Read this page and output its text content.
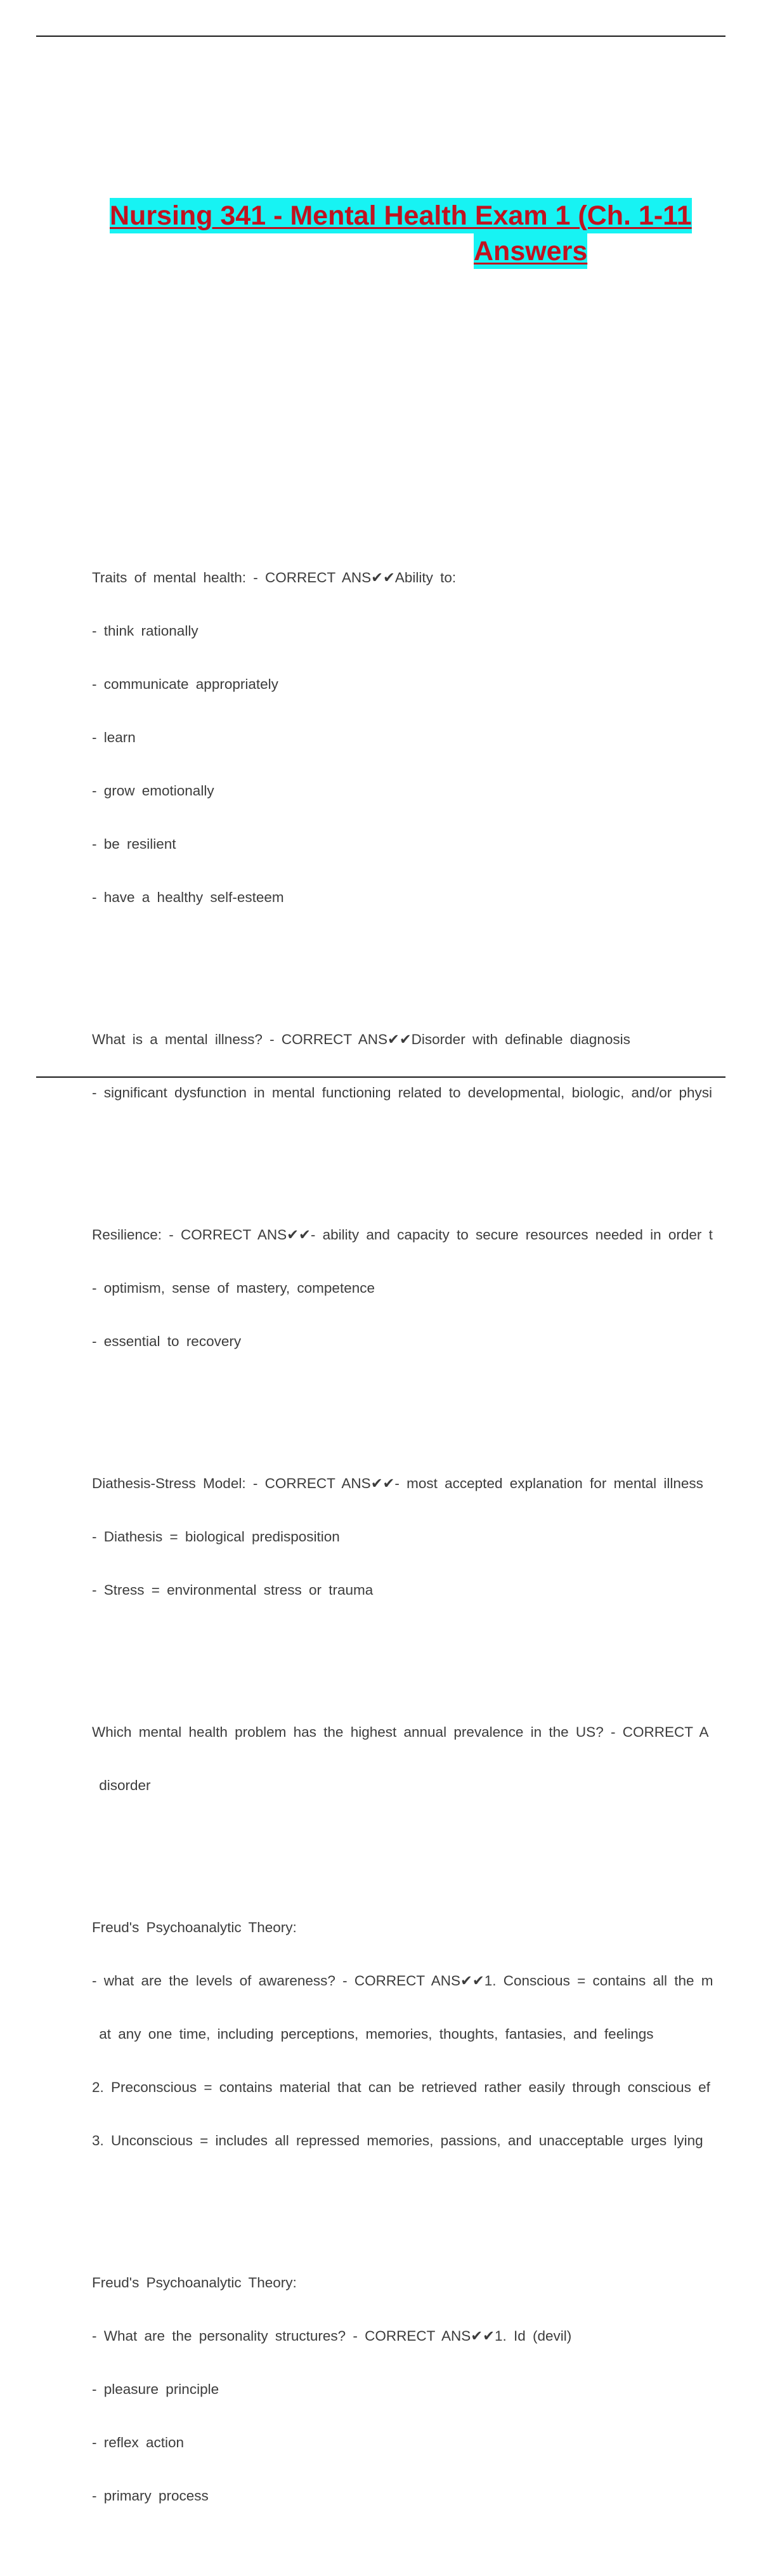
Nursing 341 - Mental Health Exam 1 (Ch. 1-11
Answers

Traits of mental health: - CORRECT ANS✔✔Ability to:

- think rationally

- communicate appropriately

- learn

- grow emotionally

- be resilient

- have a healthy self-esteem

What is a mental illness? - CORRECT ANS✔✔Disorder with definable diagnosis

- significant dysfunction in mental functioning related to developmental, biologic, and/or physi

Resilience: - CORRECT ANS✔✔- ability and capacity to secure resources needed in order t

- optimism, sense of mastery, competence

- essential to recovery

Diathesis-Stress Model: - CORRECT ANS✔✔- most accepted explanation for mental illness

- Diathesis = biological predisposition

- Stress = environmental stress or trauma

Which mental health problem has the highest annual prevalence in the US? - CORRECT A

disorder

Freud's Psychoanalytic Theory:

- what are the levels of awareness? - CORRECT ANS✔✔1. Conscious = contains all the m

at any one time, including perceptions, memories, thoughts, fantasies, and feelings

2. Preconscious = contains material that can be retrieved rather easily through conscious ef

3. Unconscious = includes all repressed memories, passions, and unacceptable urges lying

Freud's Psychoanalytic Theory:

- What are the personality structures? - CORRECT ANS✔✔1. Id (devil)

- pleasure principle

- reflex action

- primary process
